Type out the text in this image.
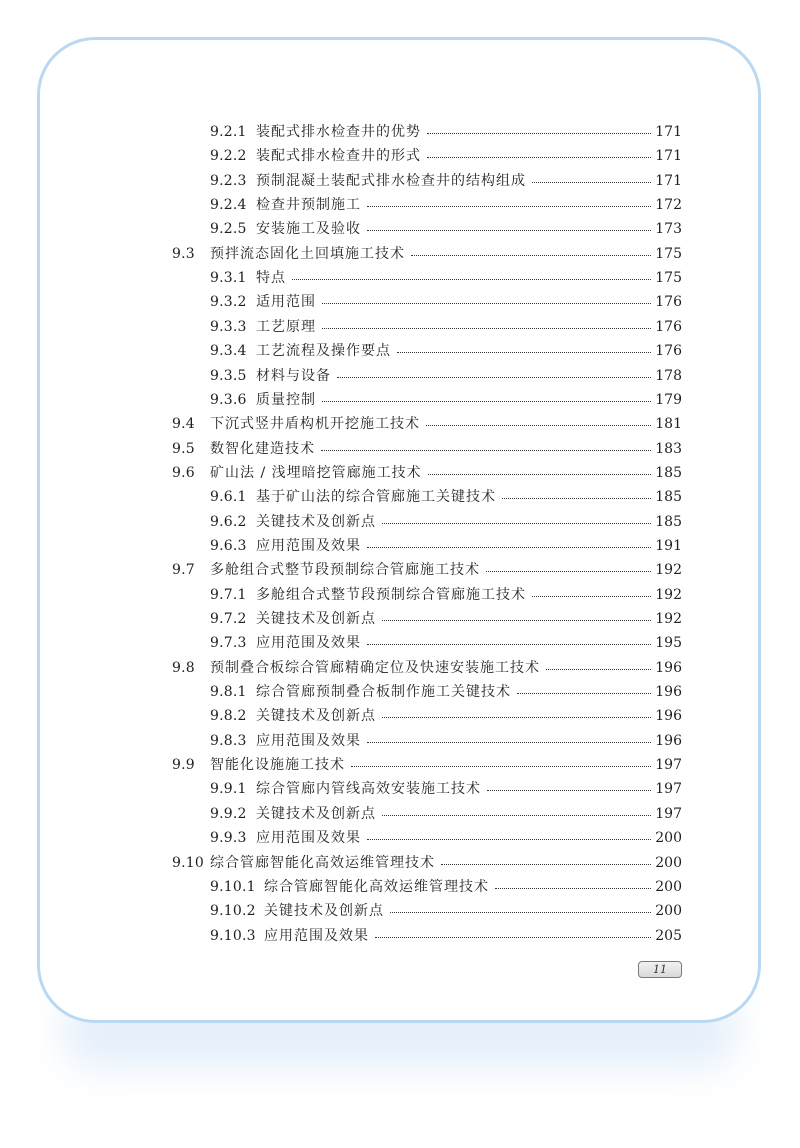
9.2.1 装配式排水检查井的优势	171
9.2.2 装配式排水检查井的形式	171
9.2.3 预制混凝土装配式排水检查井的结构组成	171
9.2.4 检查井预制施工	172
9.2.5 安装施工及验收	173
9.3	预拌流态固化土回填施工技术	175
9.3.1 特点	175
9.3.2 适用范围	176
9.3.3 工艺原理	176
9.3.4 工艺流程及操作要点	176
9.3.5 材料与设备	178
9.3.6 质量控制	179
9.4	下沉式竖井盾构机开挖施工技术	181
9.5	数智化建造技术	183
9.6	矿山法 / 浅埋暗挖管廊施工技术	185
9.6.1 基于矿山法的综合管廊施工关键技术	185
9.6.2 关键技术及创新点	185
9.6.3 应用范围及效果	191
9.7	多舱组合式整节段预制综合管廊施工技术	192
9.7.1 多舱组合式整节段预制综合管廊施工技术	192
9.7.2 关键技术及创新点	192
9.7.3 应用范围及效果	195
9.8	预制叠合板综合管廊精确定位及快速安装施工技术	196
9.8.1 综合管廊预制叠合板制作施工关键技术	196
9.8.2 关键技术及创新点	196
9.8.3 应用范围及效果	196
9.9	智能化设施施工技术	197
9.9.1 综合管廊内管线高效安装施工技术	197
9.9.2 关键技术及创新点	197
9.9.3 应用范围及效果	200
9.10 综合管廊智能化高效运维管理技术	200
9.10.1 综合管廊智能化高效运维管理技术	200
9.10.2 关键技术及创新点	200
9.10.3 应用范围及效果	205
11
